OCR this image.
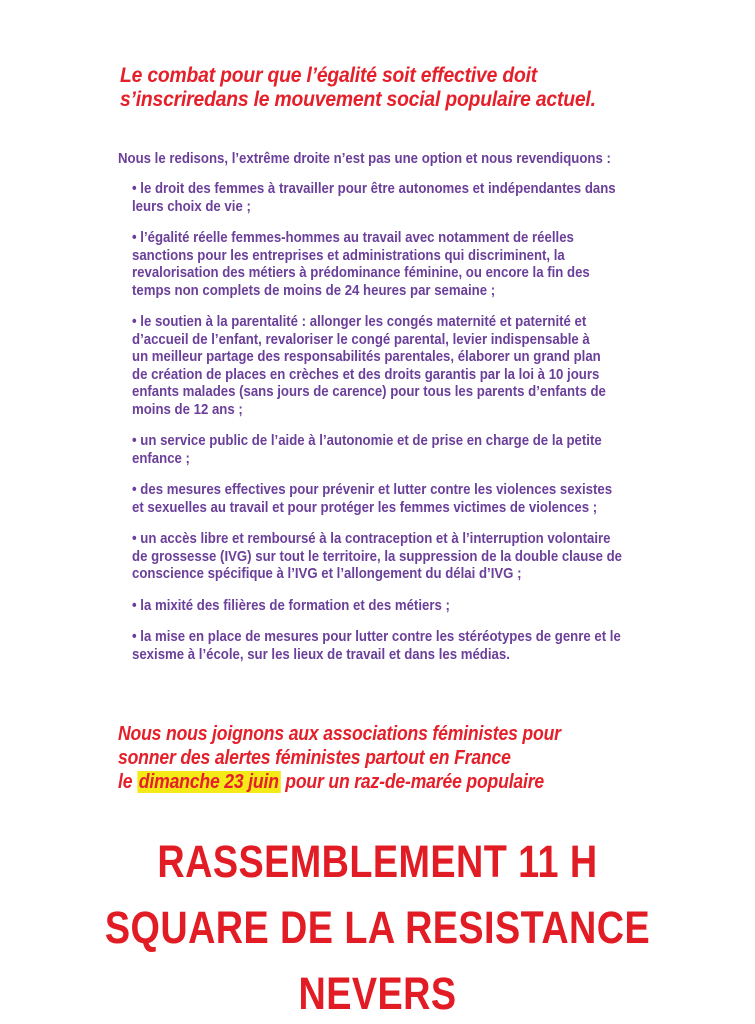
Le combat pour que l’égalité soit effective doit
s’inscriredans le mouvement social populaire actuel.
Nous le redisons, l’extrême droite n’est pas une option et nous revendiquons :
• le droit des femmes à travailler pour être autonomes et indépendantes dans
leurs choix de vie ;
• l’égalité réelle femmes-hommes au travail avec notamment de réelles
sanctions pour les entreprises et administrations qui discriminent, la
revalorisation des métiers à prédominance féminine, ou encore la fin des
temps non complets de moins de 24 heures par semaine ;
• le soutien à la parentalité : allonger les congés maternité et paternité et
d’accueil de l’enfant, revaloriser le congé parental, levier indispensable à
un meilleur partage des responsabilités parentales, élaborer un grand plan
de création de places en crèches et des droits garantis par la loi à 10 jours
enfants malades (sans jours de carence) pour tous les parents d’enfants de
moins de 12 ans ;
• un service public de l’aide à l’autonomie et de prise en charge de la petite
enfance ;
• des mesures effectives pour prévenir et lutter contre les violences sexistes
et sexuelles au travail et pour protéger les femmes victimes de violences ;
• un accès libre et remboursé à la contraception et à l’interruption volontaire
de grossesse (IVG) sur tout le territoire, la suppression de la double clause de
conscience spécifique à l’IVG et l’allongement du délai d’IVG ;
• la mixité des filières de formation et des métiers ;
• la mise en place de mesures pour lutter contre les stéréotypes de genre et le
sexisme à l’école, sur les lieux de travail et dans les médias.
Nous nous joignons aux associations féministes pour
sonner des alertes féministes partout en France
le dimanche 23 juin pour un raz-de-marée populaire
RASSEMBLEMENT 11 H
SQUARE DE LA RESISTANCE
NEVERS
